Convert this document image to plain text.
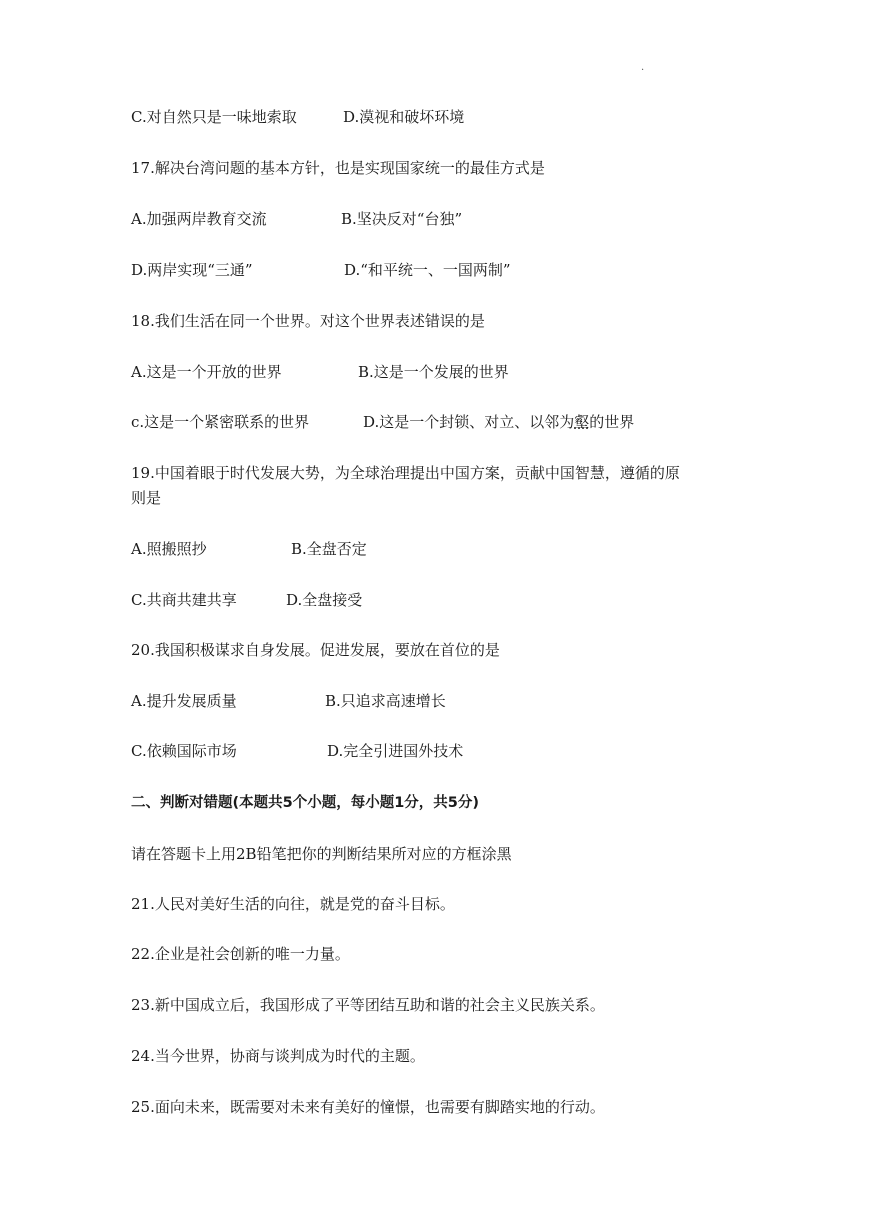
.
C.对自然只是一味地索取	D.漠视和破坏环境
17.解决台湾问题的基本方针，也是实现国家统一的最佳方式是
A.加强两岸教育交流	B.坚决反对“台独”
D.两岸实现“三通”	D.“和平统一、一国两制”
18.我们生活在同一个世界。对这个世界表述错误的是
A.这是一个开放的世界	B.这是一个发展的世界
c.这是一个紧密联系的世界	D.这是一个封锁、对立、以邻为壑的世界
19.中国着眼于时代发展大势，为全球治理提出中国方案，贡献中国智慧，遵循的原
则是
A.照搬照抄	B.全盘否定
C.共商共建共享	D.全盘接受
20.我国积极谋求自身发展。促进发展，要放在首位的是
A.提升发展质量	B.只追求高速增长
C.依赖国际市场	D.完全引进国外技术
二、判断对错题(本题共5个小题，每小题1分，共5分)
请在答题卡上用2B铅笔把你的判断结果所对应的方框涂黑
21.人民对美好生活的向往，就是党的奋斗目标。
22.企业是社会创新的唯一力量。
23.新中国成立后，我国形成了平等团结互助和谐的社会主义民族关系。
24.当今世界，协商与谈判成为时代的主题。
25.面向未来，既需要对未来有美好的憧憬，也需要有脚踏实地的行动。
